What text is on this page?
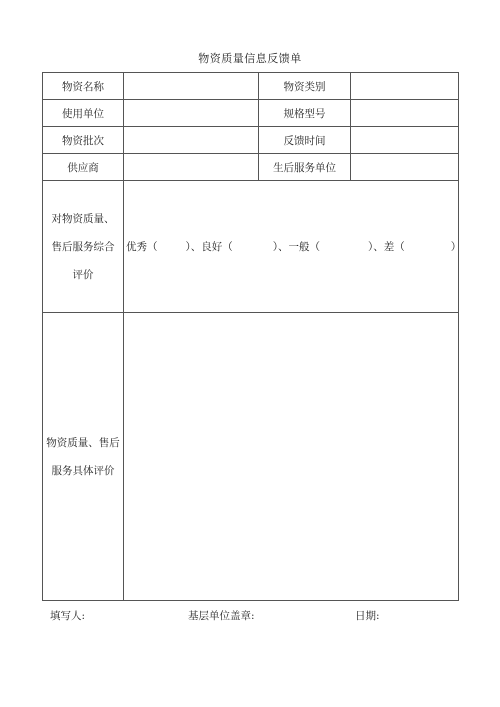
物资质量信息反馈单
物资名称		物资类别	
使用单位		规格型号	
物资批次		反馈时间	
供应商		生后服务单位	
对物资质量、
售后服务综合
评价	优秀（ ）、良好（ ）、一般（ ）、差（ ）		
物资质量、售后
服务具体评价			
填写人:	基层单位盖章:	日期:
